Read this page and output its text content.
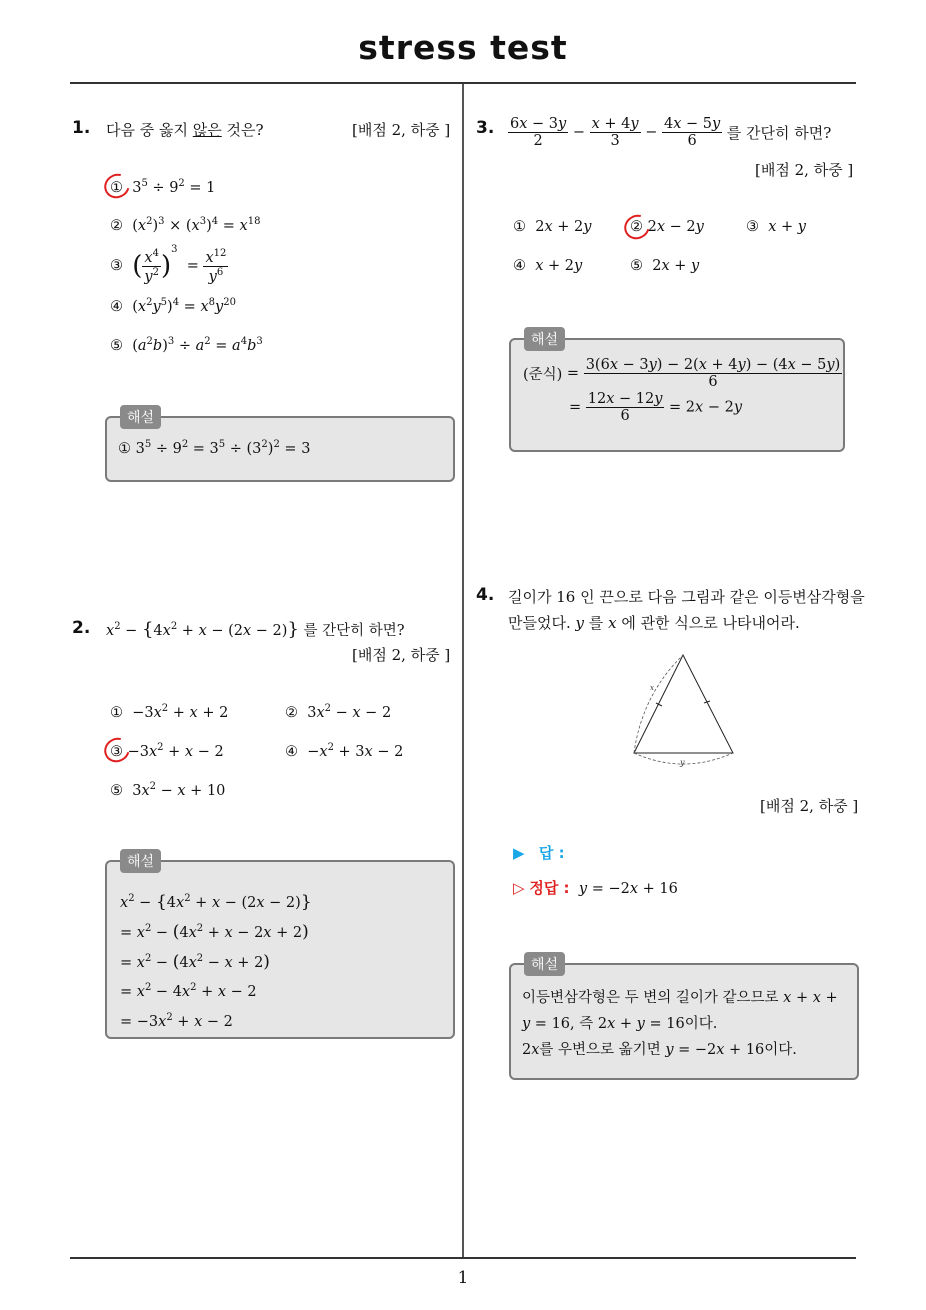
stress test
1
1. 다음 중 옳지 않은 것은?	[배점 2, 하중 ]
①  $3^5 \div 9^2 = 1$
②  $(x^2)^3 \times (x^3)^4 = x^{18}$
③ ( $\frac{x^4}{y^2} )^3 = \frac{x^{12}}{y^6}$
④  $(x^2y^5)^4 = x^8y^{20}$
⑤  $(a^2b)^3 \div a^2 = a^4b^3$
해설
① $3^5 \div 9^2 = 3^5 \div (3^2)^2 = 3$
2. $x^2 - \{4x^2 + x - (2x - 2)\}$ 를 간단히 하면?
[배점 2, 하중 ]
①  $-3x^2 + x + 2$	②  $3x^2 - x - 2$
③ $-3x^2 + x - 2$	④  $-x^2 + 3x - 2$
⑤  $3x^2 - x + 10$
해설
$x^2 - \{4x^2 + x - (2x - 2)\}$
= $x^2 - (4x^2 + x - 2x + 2)$
= $x^2 - (4x^2 - x + 2)$
= $x^2 - 4x^2 + x - 2$
= $-3x^2 + x - 2$
3. $\frac{6x - 3y}{2} - \frac{x + 4y}{3} - \frac{4x - 5y}{6}$ 를 간단히 하면?
[배점 2, 하중 ]
①  2x + 2y	② 2x − 2y	③ x + y
④ x + 2y	⑤  2x + y
해설
(준식) = $\frac{3(6x - 3y) - 2(x + 4y) - (4x - 5y)}{6}$
= $\frac{12x - 12y}{6} = 2x - 2y$
4. 길이가 16 인 끈으로 다음 그림과 같은 이등변삼각형을
만들었다. y 를 x 에 관한 식으로 나타내어라.
y
x
[배점 2, 하중 ]
▶ 답 :
▷ 정답 : y = −2x + 16
해설
이등변삼각형은 두 변의 길이가 같으므로 x + x +
y = 16, 즉 2x + y = 16이다.
2x를 우변으로 옮기면 y = −2x + 16이다.
